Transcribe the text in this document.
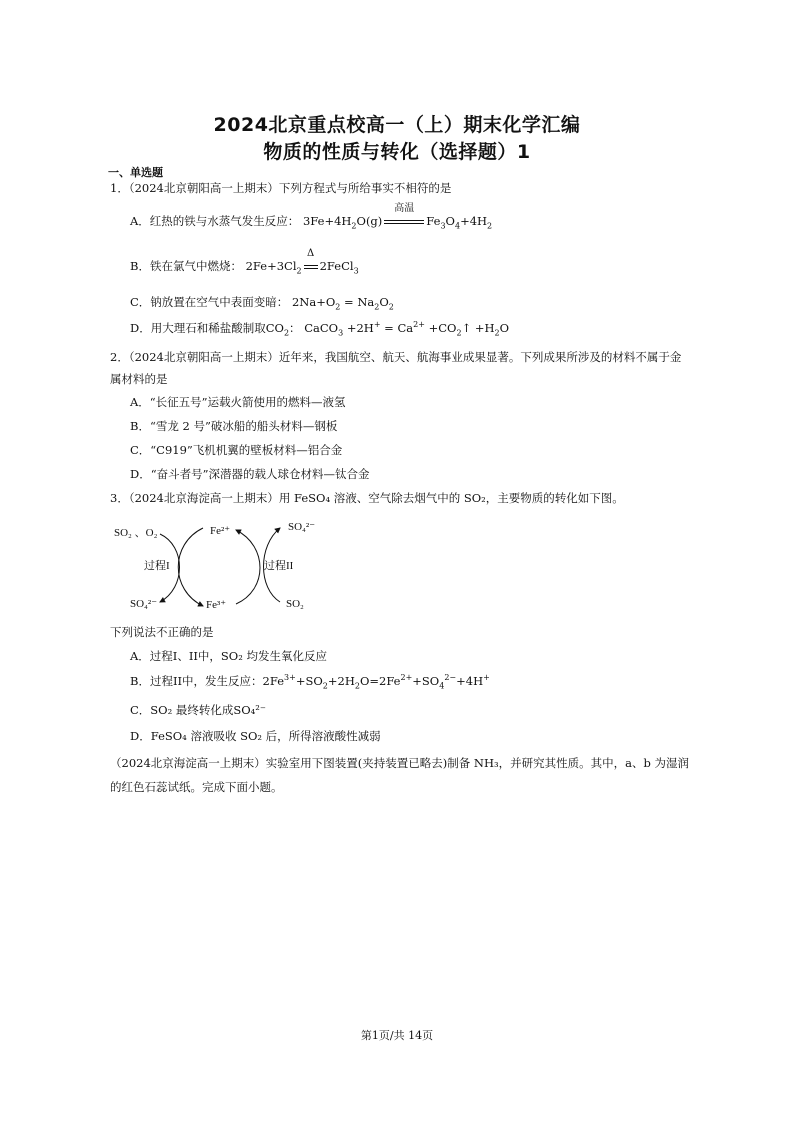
2024北京重点校高一（上）期末化学汇编
物质的性质与转化（选择题）1
一、单选题
1．（2024北京朝阳高一上期末）下列方程式与所给事实不相符的是
A．红热的铁与水蒸气发生反应： $3Fe+4H_2O(g)$
高温
$Fe_3O_4+4H_2$
B．铁在氯气中燃烧： $2Fe+3Cl_2$
Δ
2FeCl$_3$
C．钠放置在空气中表面变暗： $2Na+O_2 = Na_2O_2$
D．用大理石和稀盐酸制取$CO_2$： CaCO$_3$ $+2H^+ = Ca^{2+}$ $+CO_2↑ +H_2O$
2．（2024北京朝阳高一上期末）近年来，我国航空、航天、航海事业成果显著。下列成果所涉及的材料不属于金属材料的是
A．“长征五号”运载火箭使用的燃料—液氢
B．“雪龙 2 号”破冰船的船头材料—钢板
C．“C919”飞机机翼的壁板材料—铝合金
D．“奋斗者号”深潜器的载人球仓材料—钛合金
3．（2024北京海淀高一上期末）用 FeSO₄ 溶液、空气除去烟气中的 SO₂，主要物质的转化如下图。
SO₂ 、O₂
过程I
SO₄²⁻
Fe²⁺
Fe³⁺
过程II
SO₄²⁻
SO₂
下列说法不正确的是
A．过程I、II中，SO₂ 均发生氧化反应
B．过程II中，发生反应：$2Fe^{3+}+SO_2+2H_2O=2Fe^{2+}+SO_4^{2-}+4H^+$
C．SO₂ 最终转化成SO₄²⁻
D．FeSO₄ 溶液吸收 SO₂ 后，所得溶液酸性减弱
（2024北京海淀高一上期末）实验室用下图装置(夹持装置已略去)制备 NH₃，并研究其性质。其中，a、b 为湿润的红色石蕊试纸。完成下面小题。
第1页/共 14页
